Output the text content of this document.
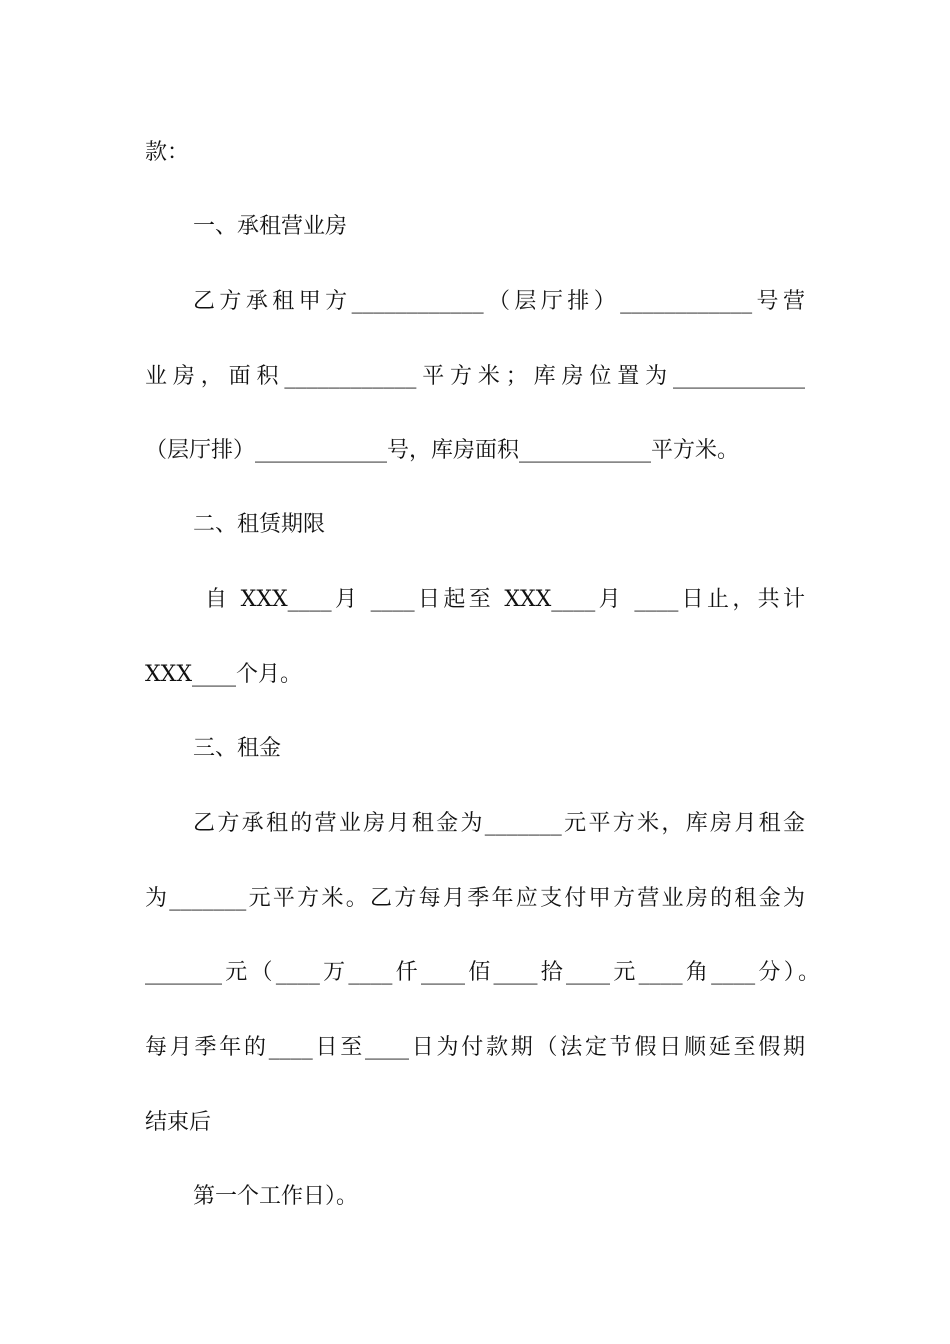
款：
一、承租营业房
乙方承租甲方____________（层厅排）____________号营
业房，面积____________平方米；库房位置为____________
（层厅排）____________号，库房面积____________平方米。
二、租赁期限
自 XXX____月 ____日起至 XXX____月 ____日止，共计
XXX____个月。
三、租金
乙方承租的营业房月租金为_______元平方米，库房月租金
为_______元平方米。乙方每月季年应支付甲方营业房的租金为
_______元（____万____仟____佰____拾____元____角____分）。
每月季年的____日至____日为付款期（法定节假日顺延至假期
结束后
第一个工作日）。
